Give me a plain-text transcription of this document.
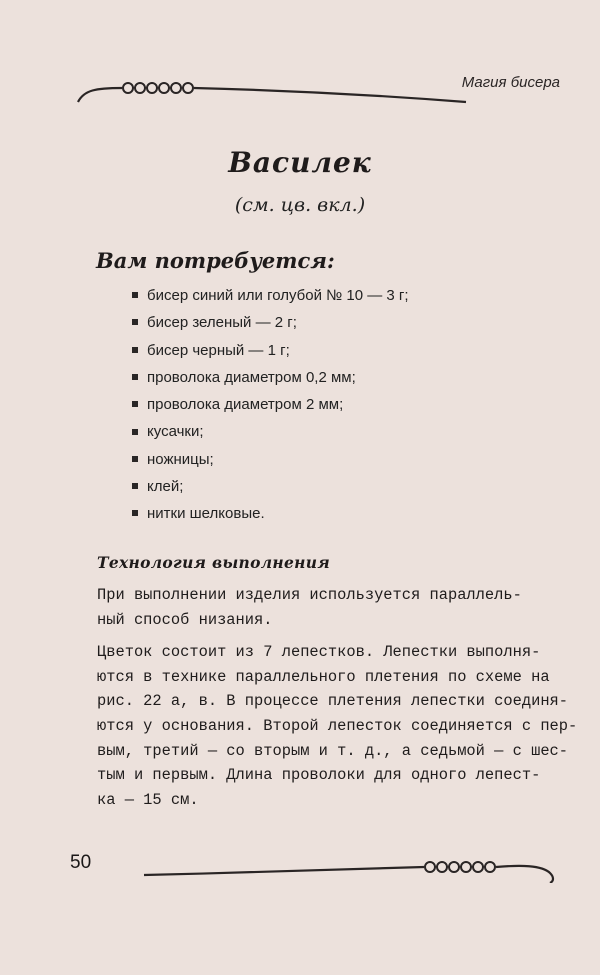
Магия бисера
Василек
(см. цв. вкл.)
Вам потребуется:
бисер синий или голубой № 10 — 3 г;
бисер зеленый — 2 г;
бисер черный — 1 г;
проволока диаметром 0,2 мм;
проволока диаметром 2 мм;
кусачки;
ножницы;
клей;
нитки шелковые.
Технология выполнения

При выполнении изделия используется параллель-
ный способ низания.

Цветок состоит из 7 лепестков. Лепестки выполня-
ются в технике параллельного плетения по схеме на
рис. 22 а, в. В процессе плетения лепестки соединя-
ются у основания. Второй лепесток соединяется с пер-
вым, третий — со вторым и т. д., а седьмой — с шес-
тым и первым. Длина проволоки для одного лепест-
ка — 15 см.

50
